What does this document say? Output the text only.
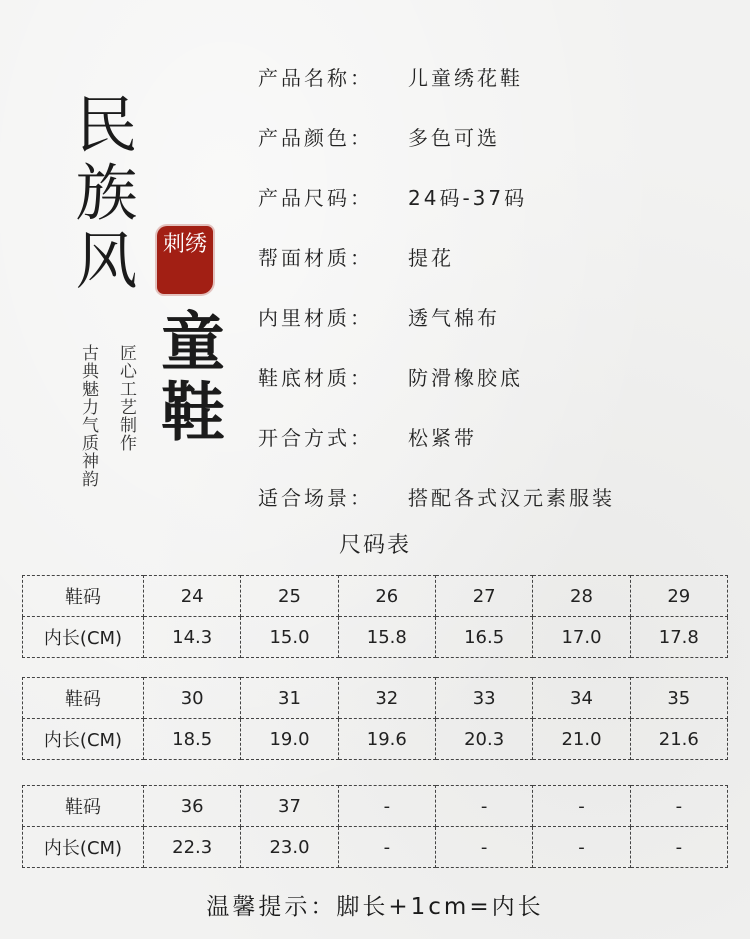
民族风 刺绣
童鞋
古典魅力气质神韵 匠心工艺制作
产品名称：	儿童绣花鞋
产品颜色：	多色可选
产品尺码：	24码-37码
帮面材质：	提花
内里材质：	透气棉布
鞋底材质：	防滑橡胶底
开合方式：	松紧带
适合场景：	搭配各式汉元素服装
尺码表
鞋码	24	25	26	27	28	29
内长(CM)	14.3	15.0	15.8	16.5	17.0	17.8
鞋码	30	31	32	33	34	35
内长(CM)	18.5	19.0	19.6	20.3	21.0	21.6
鞋码	36	37	-	-	-	-
内长(CM)	22.3	23.0	-	-	-	-
温馨提示：脚长+1cm=内长
